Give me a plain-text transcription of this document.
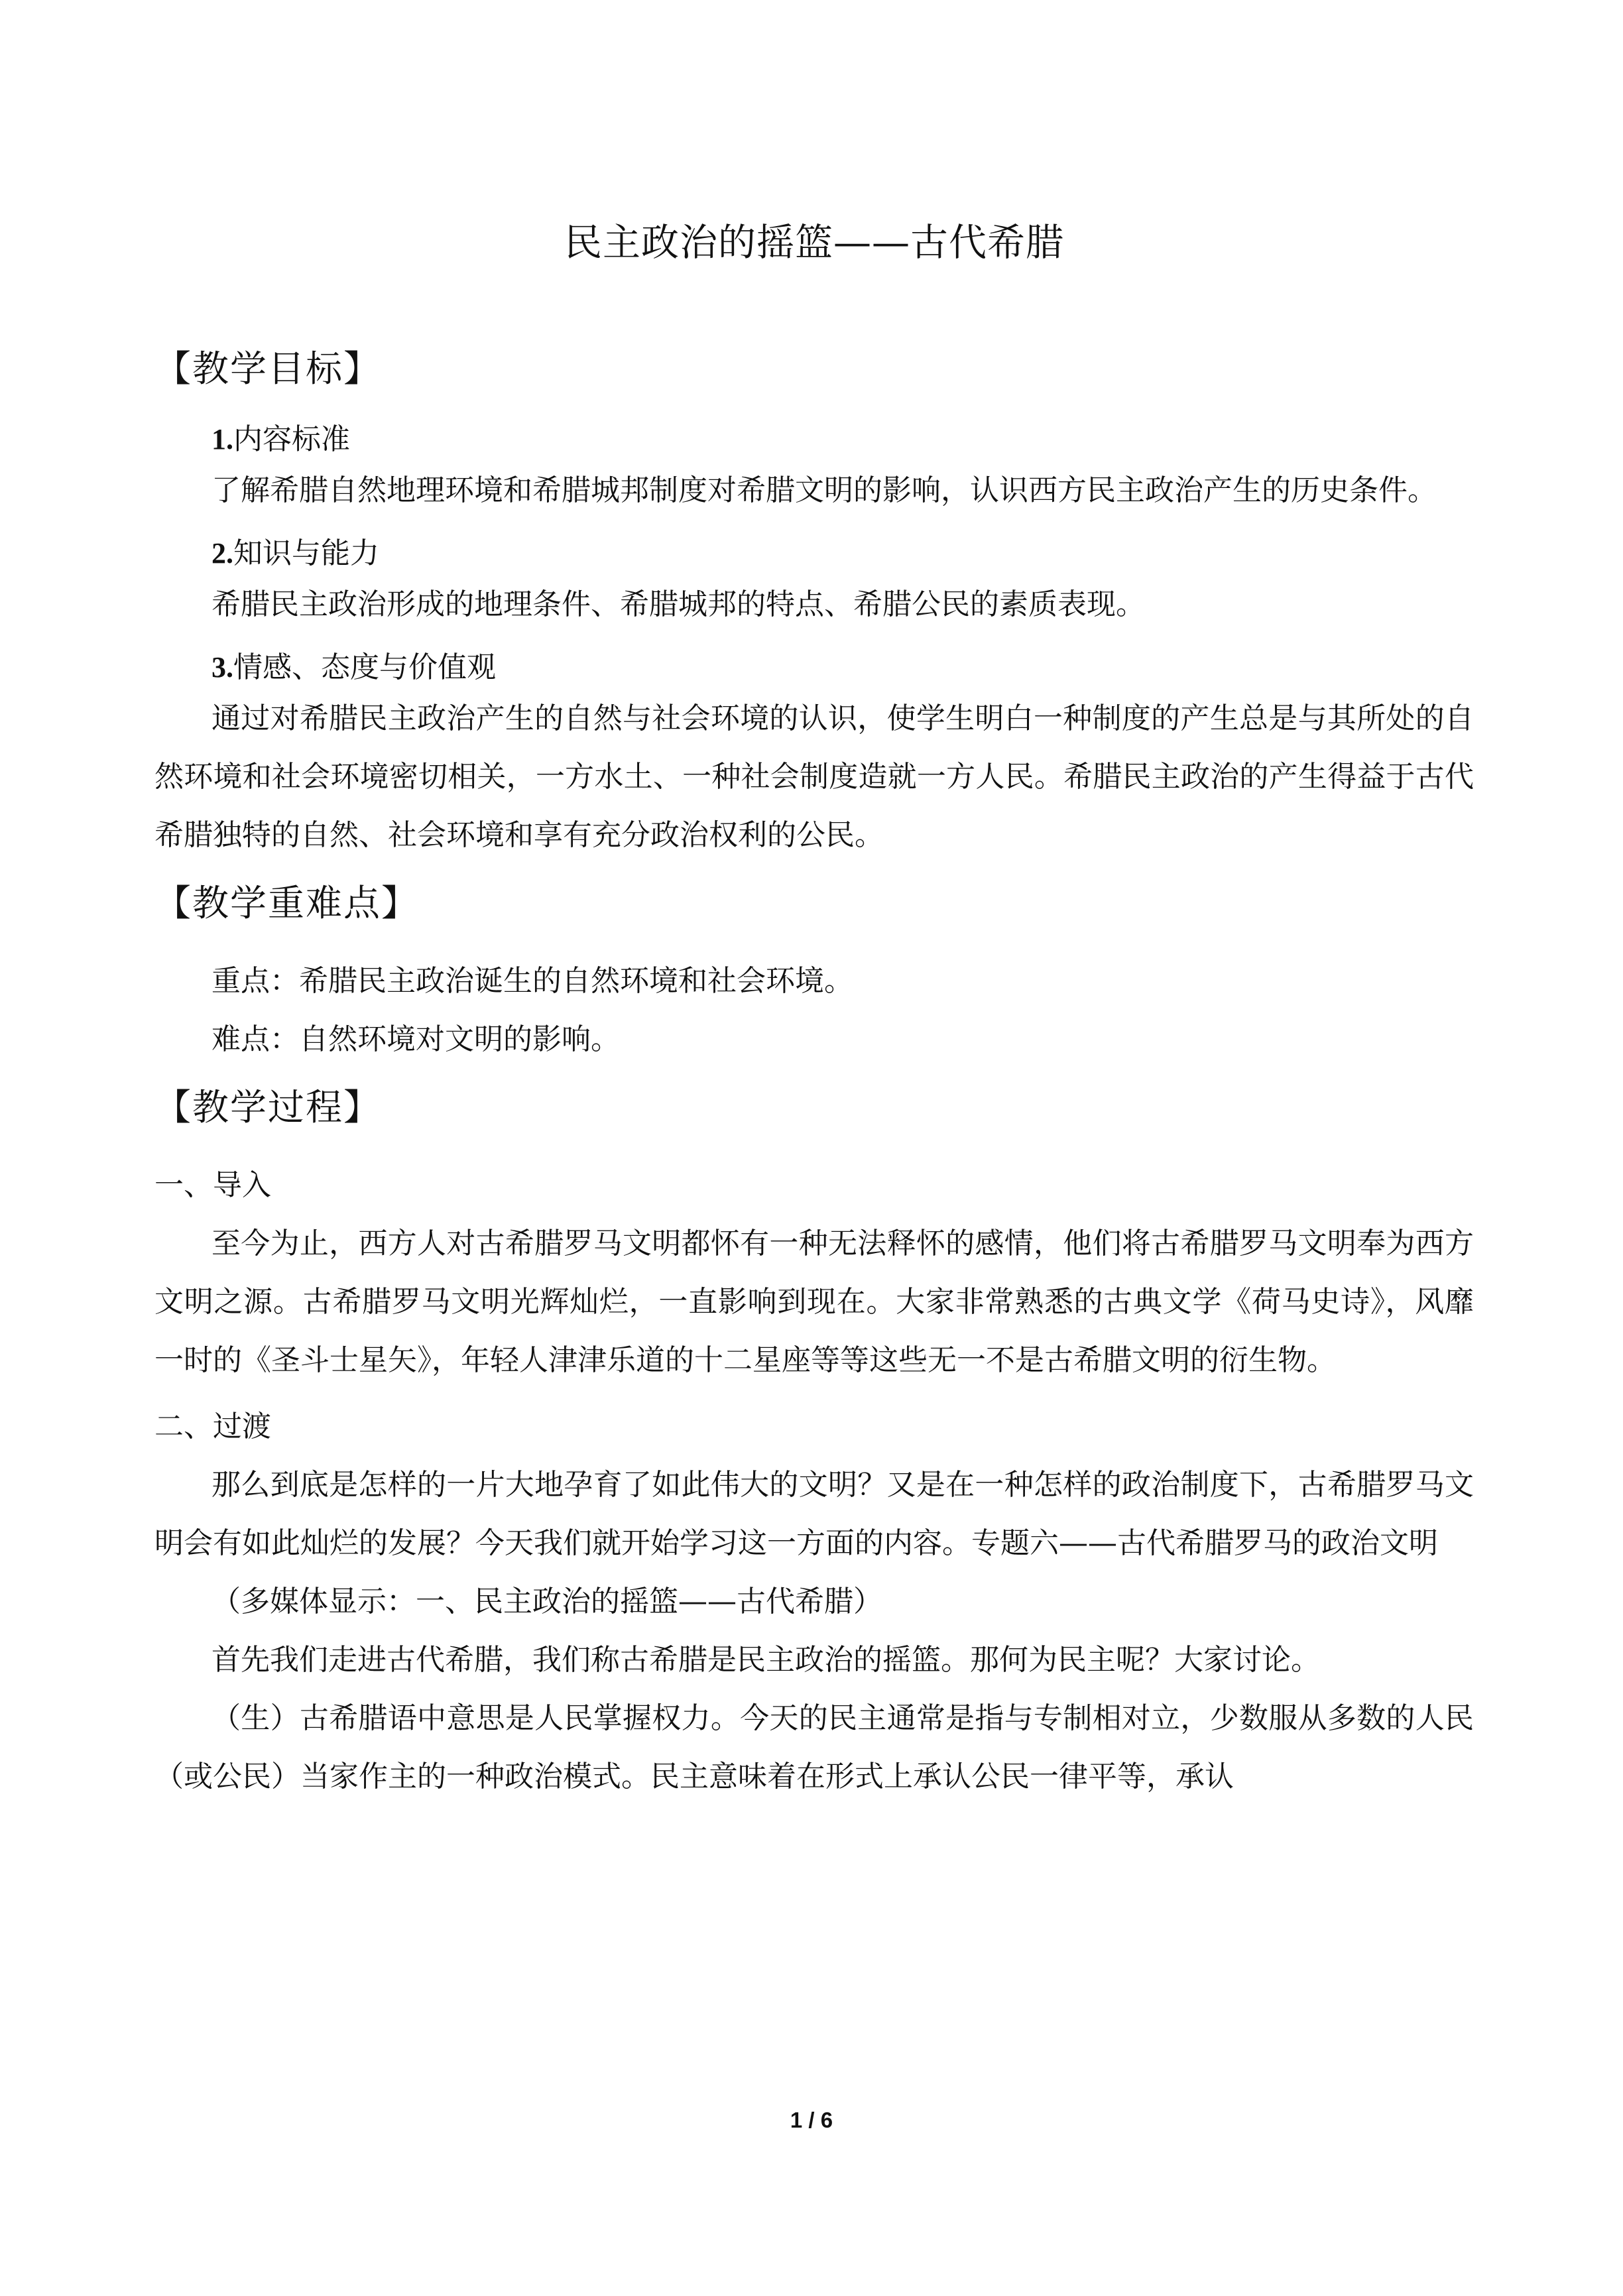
民主政治的摇篮——古代希腊
【教学目标】

1.内容标准

了解希腊自然地理环境和希腊城邦制度对希腊文明的影响，认识西方民主政治产生的历史条件。

2.知识与能力

希腊民主政治形成的地理条件、希腊城邦的特点、希腊公民的素质表现。

3.情感、态度与价值观

通过对希腊民主政治产生的自然与社会环境的认识，使学生明白一种制度的产生总是与其所处的自然环境和社会环境密切相关，一方水土、一种社会制度造就一方人民。希腊民主政治的产生得益于古代希腊独特的自然、社会环境和享有充分政治权利的公民。

【教学重难点】

重点：希腊民主政治诞生的自然环境和社会环境。

难点：自然环境对文明的影响。

【教学过程】

一、导入

至今为止，西方人对古希腊罗马文明都怀有一种无法释怀的感情，他们将古希腊罗马文明奉为西方文明之源。古希腊罗马文明光辉灿烂，一直影响到现在。大家非常熟悉的古典文学《荷马史诗》，风靡一时的《圣斗士星矢》，年轻人津津乐道的十二星座等等这些无一不是古希腊文明的衍生物。

二、过渡

那么到底是怎样的一片大地孕育了如此伟大的文明？又是在一种怎样的政治制度下，古希腊罗马文明会有如此灿烂的发展？今天我们就开始学习这一方面的内容。专题六——古代希腊罗马的政治文明

（多媒体显示：一、民主政治的摇篮——古代希腊）

首先我们走进古代希腊，我们称古希腊是民主政治的摇篮。那何为民主呢？大家讨论。

（生）古希腊语中意思是人民掌握权力。今天的民主通常是指与专制相对立，少数服从多数的人民（或公民）当家作主的一种政治模式。民主意味着在形式上承认公民一律平等，承认

1 / 6
